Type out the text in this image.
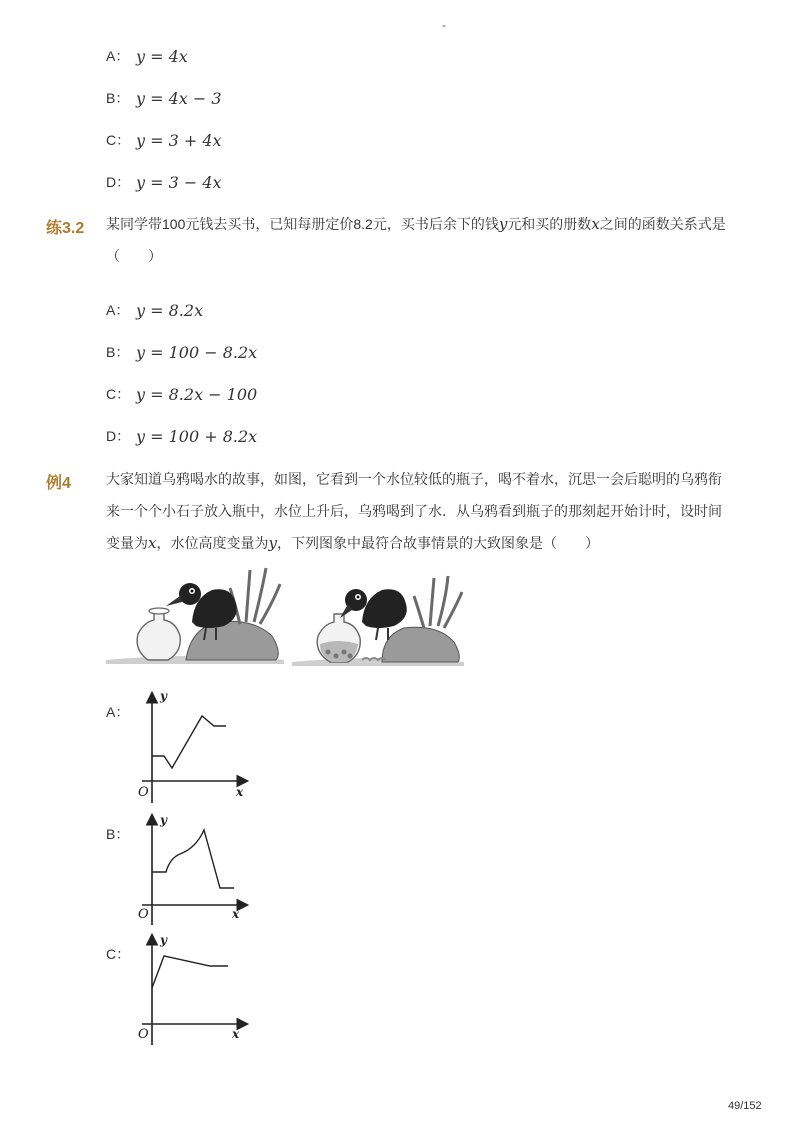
-
A： y = 4x
B： y = 4x − 3
C： y = 3 + 4x
D： y = 3 − 4x
练3.2 某同学带100元钱去买书，已知每册定价8.2元，买书后余下的钱y元和买的册数x之间的函数关系式是（　　）
A： y = 8.2x
B： y = 100 − 8.2x
C： y = 8.2x − 100
D： y = 100 + 8.2x
例4	大家知道乌鸦喝水的故事，如图，它看到一个水位较低的瓶子，喝不着水，沉思一会后聪明的乌鸦衔来一个个小石子放入瓶中，水位上升后，乌鸦喝到了水．从乌鸦看到瓶子的那刻起开始计时，设时间变量为x，水位高度变量为y，下列图象中最符合故事情景的大致图象是（　　）
A：
y
x
O
B：
y
x
O
C：
y
x
O
49/152
